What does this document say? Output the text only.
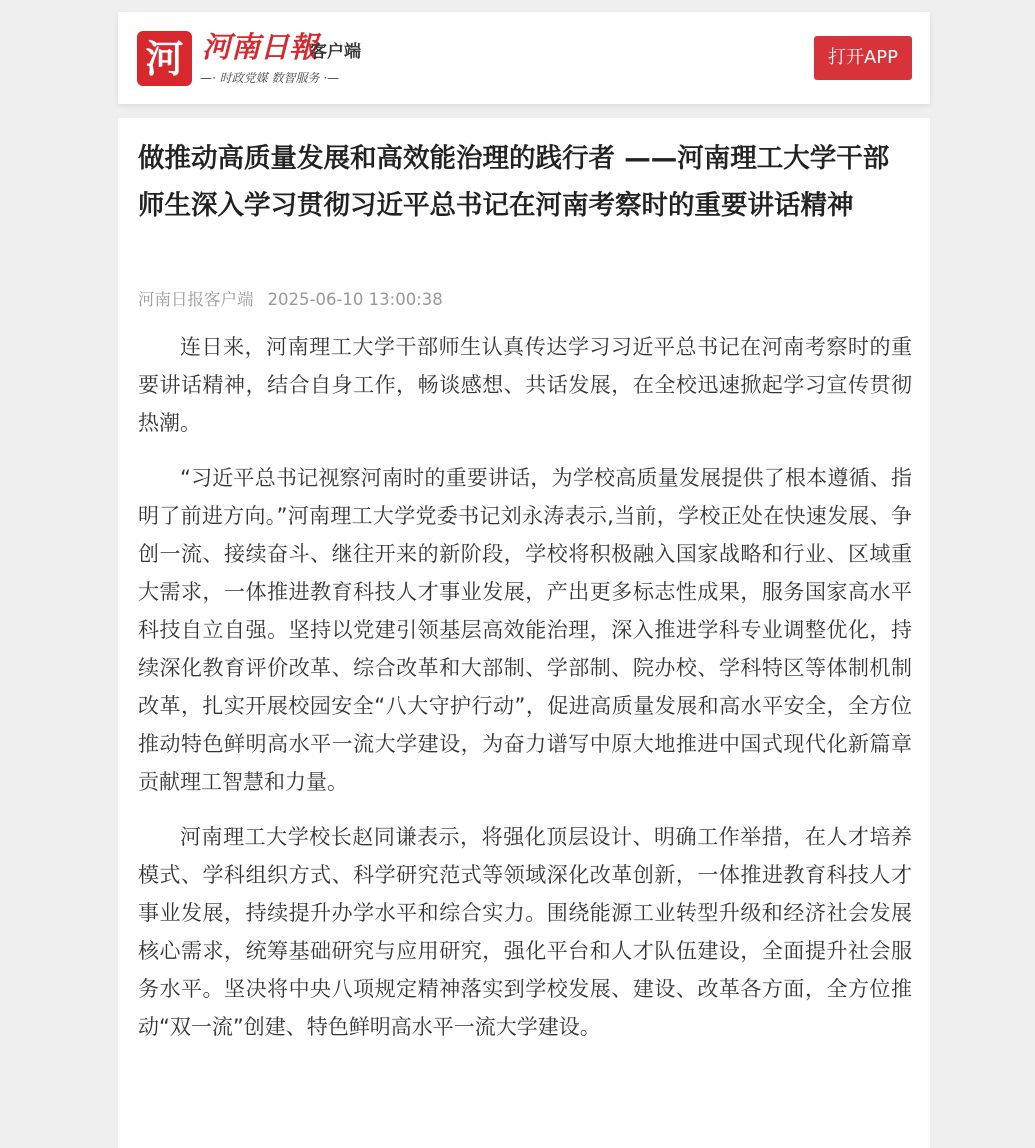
河 河南日報
客户端
—· 时政党媒 数智服务 ·—
打开APP
做推动高质量发展和高效能治理的践行者 ——河南理工大学干部师生深入学习贯彻习近平总书记在河南考察时的重要讲话精神
河南日报客户端 2025-06-10 13:00:38

连日来，河南理工大学干部师生认真传达学习习近平总书记在河南考察时的重要讲话精神，结合自身工作，畅谈感想、共话发展，在全校迅速掀起学习宣传贯彻热潮。

“习近平总书记视察河南时的重要讲话，为学校高质量发展提供了根本遵循、指明了前进方向。”河南理工大学党委书记刘永涛表示,当前，学校正处在快速发展、争创一流、接续奋斗、继往开来的新阶段，学校将积极融入国家战略和行业、区域重大需求，一体推进教育科技人才事业发展，产出更多标志性成果，服务国家高水平科技自立自强。坚持以党建引领基层高效能治理，深入推进学科专业调整优化，持续深化教育评价改革、综合改革和大部制、学部制、院办校、学科特区等体制机制改革，扎实开展校园安全“八大守护行动”，促进高质量发展和高水平安全，全方位推动特色鲜明高水平一流大学建设，为奋力谱写中原大地推进中国式现代化新篇章贡献理工智慧和力量。

河南理工大学校长赵同谦表示，将强化顶层设计、明确工作举措，在人才培养模式、学科组织方式、科学研究范式等领域深化改革创新，一体推进教育科技人才事业发展，持续提升办学水平和综合实力。围绕能源工业转型升级和经济社会发展核心需求，统筹基础研究与应用研究，强化平台和人才队伍建设，全面提升社会服务水平。坚决将中央八项规定精神落实到学校发展、建设、改革各方面，全方位推动“双一流”创建、特色鲜明高水平一流大学建设。
